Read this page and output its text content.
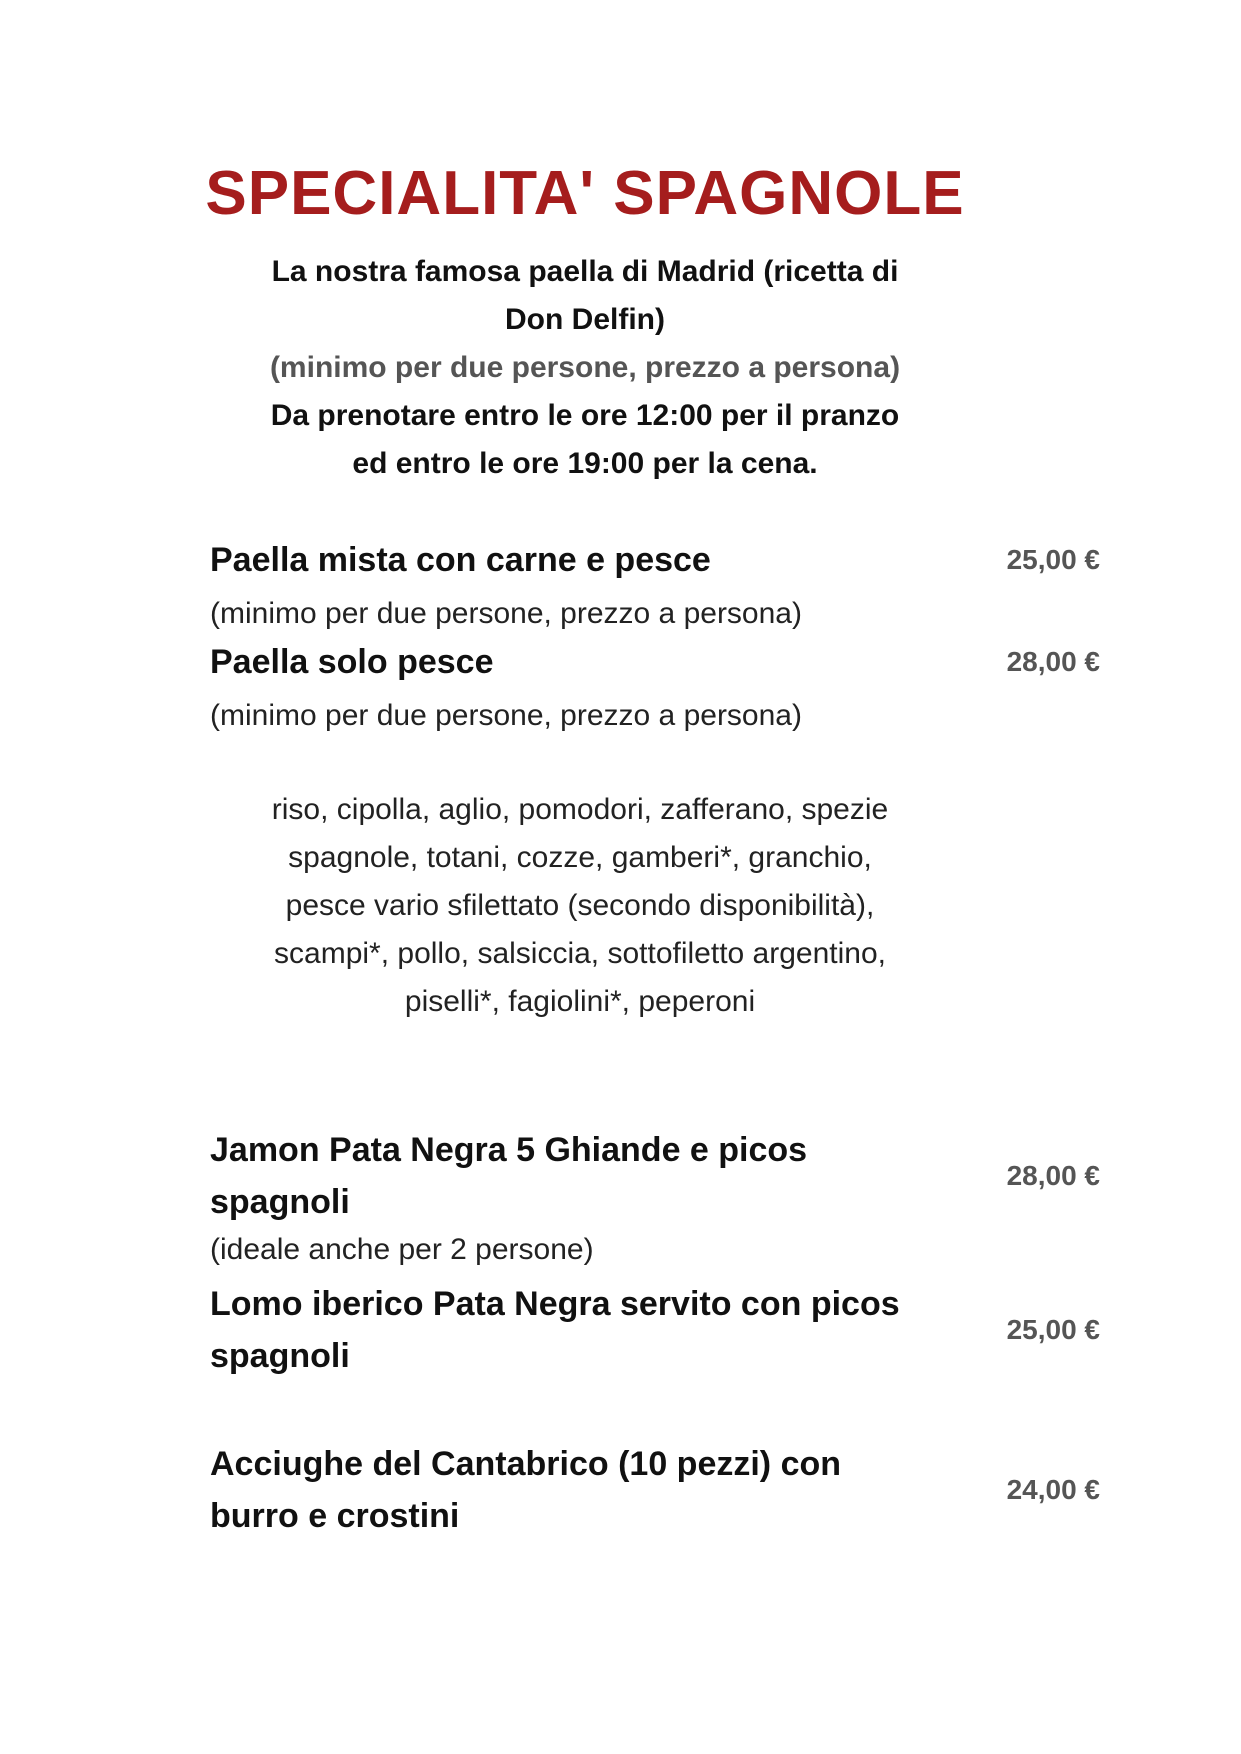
SPECIALITA' SPAGNOLE
La nostra famosa paella di Madrid (ricetta di
Don Delfin)
(minimo per due persone, prezzo a persona)
Da prenotare entro le ore 12:00 per il pranzo
ed entro le ore 19:00 per la cena.
Paella mista con carne e pesce	25,00 €
(minimo per due persone, prezzo a persona)
Paella solo pesce	28,00 €
(minimo per due persone, prezzo a persona)
riso, cipolla, aglio, pomodori, zafferano, spezie
spagnole, totani, cozze, gamberi*, granchio,
pesce vario sfilettato (secondo disponibilità),
scampi*, pollo, salsiccia, sottofiletto argentino,
piselli*, fagiolini*, peperoni
Jamon Pata Negra 5 Ghiande e picos
spagnoli
28,00 €
(ideale anche per 2 persone)
Lomo iberico Pata Negra servito con picos
spagnoli
25,00 €
Acciughe del Cantabrico (10 pezzi) con
burro e crostini
24,00 €
